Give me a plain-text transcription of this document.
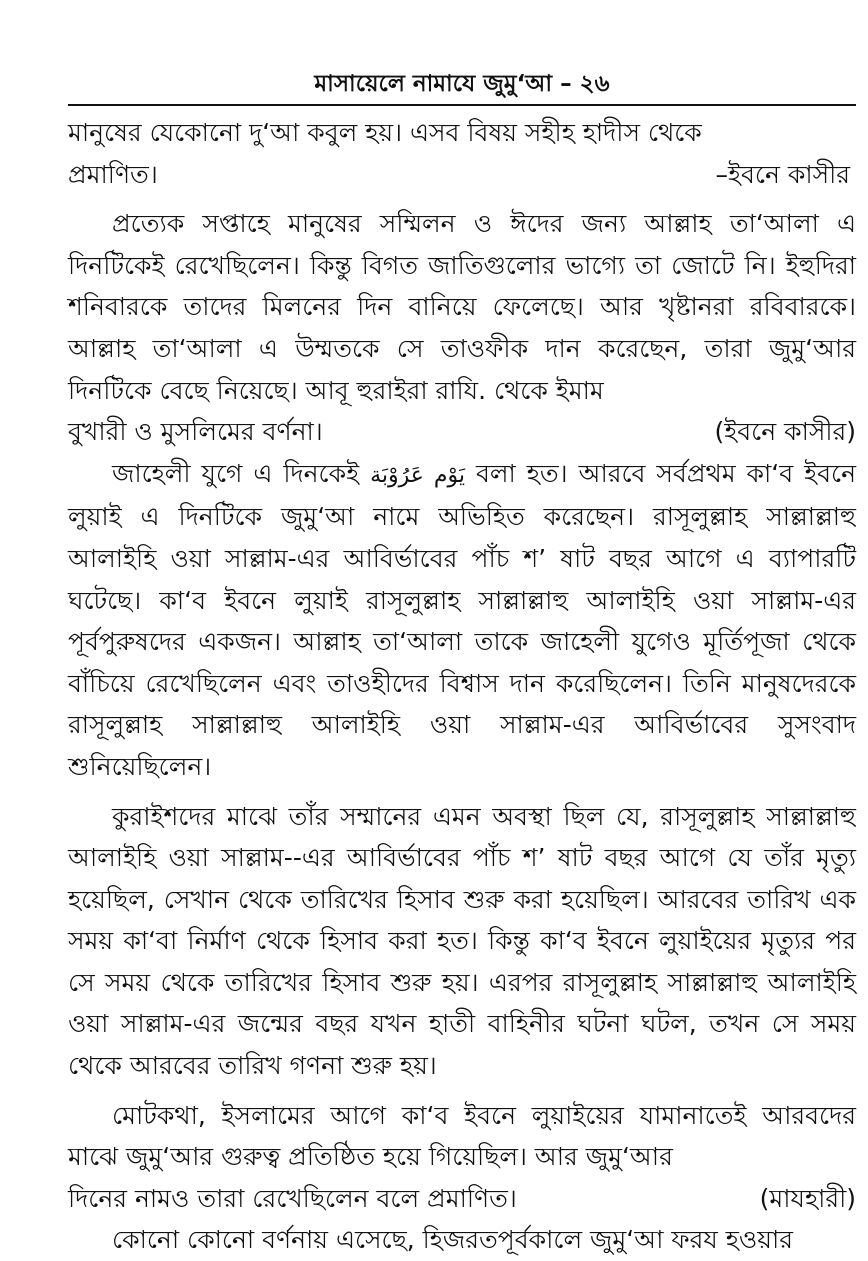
মাসায়েলে নামাযে জুমু‘আ – ২৬

মানুষের যেকোনো দু‘আ কবুল হয়। এসব বিষয় সহীহ হাদীস থেকে

প্রমাণিত।	–ইবনে কাসীর

প্রত্যেক সপ্তাহে মানুষের সম্মিলন ও ঈদের জন্য আল্লাহ তা‘আলা এ দিনটিকেই রেখেছিলেন। কিন্তু বিগত জাতিগুলোর ভাগ্যে তা জোটে নি। ইহুদিরা শনিবারকে তাদের মিলনের দিন বানিয়ে ফেলেছে। আর খৃষ্টানরা রবিবারকে। আল্লাহ তা‘আলা এ উম্মতকে সে তাওফীক দান করেছেন, তারা জুমু‘আর দিনটিকে বেছে নিয়েছে। আবূ হুরাইরা রাযি. থেকে ইমাম

বুখারী ও মুসলিমের বর্ণনা।	(ইবনে কাসীর)

জাহেলী যুগে এ দিনকেই يَوْم عَرُوْبَة বলা হত। আরবে সর্বপ্রথম কা‘ব ইবনে লুয়াই এ দিনটিকে জুমু‘আ নামে অভিহিত করেছেন। রাসূলুল্লাহ সাল্লাল্লাহু আলাইহি ওয়া সাল্লাম-এর আবির্ভাবের পাঁচ শ’ ষাট বছর আগে এ ব্যাপারটি ঘটেছে। কা‘ব ইবনে লুয়াই রাসূলুল্লাহ সাল্লাল্লাহু আলাইহি ওয়া সাল্লাম-এর পূর্বপুরুষদের একজন। আল্লাহ তা‘আলা তাকে জাহেলী যুগেও মূর্তিপূজা থেকে বাঁচিয়ে রেখেছিলেন এবং তাওহীদের বিশ্বাস দান করেছিলেন। তিনি মানুষদেরকে রাসূলুল্লাহ সাল্লাল্লাহু আলাইহি ওয়া সাল্লাম-এর আবির্ভাবের সুসংবাদ শুনিয়েছিলেন।

কুরাইশদের মাঝে তাঁর সম্মানের এমন অবস্থা ছিল যে, রাসূলুল্লাহ সাল্লাল্লাহু আলাইহি ওয়া সাল্লাম--এর আবির্ভাবের পাঁচ শ’ ষাট বছর আগে যে তাঁর মৃত্যু হয়েছিল, সেখান থেকে তারিখের হিসাব শুরু করা হয়েছিল। আরবের তারিখ এক সময় কা‘বা নির্মাণ থেকে হিসাব করা হত। কিন্তু কা‘ব ইবনে লুয়াইয়ের মৃত্যুর পর সে সময় থেকে তারিখের হিসাব শুরু হয়। এরপর রাসূলুল্লাহ সাল্লাল্লাহু আলাইহি ওয়া সাল্লাম-এর জন্মের বছর যখন হাতী বাহিনীর ঘটনা ঘটল, তখন সে সময় থেকে আরবের তারিখ গণনা শুরু হয়।

মোটকথা, ইসলামের আগে কা‘ব ইবনে লুয়াইয়ের যামানাতেই আরবদের মাঝে জুমু‘আর গুরুত্ব প্রতিষ্ঠিত হয়ে গিয়েছিল। আর জুমু‘আর

দিনের নামও তারা রেখেছিলেন বলে প্রমাণিত।	(মাযহারী)

কোনো কোনো বর্ণনায় এসেছে, হিজরতপূর্বকালে জুমু‘আ ফরয হওয়ার
